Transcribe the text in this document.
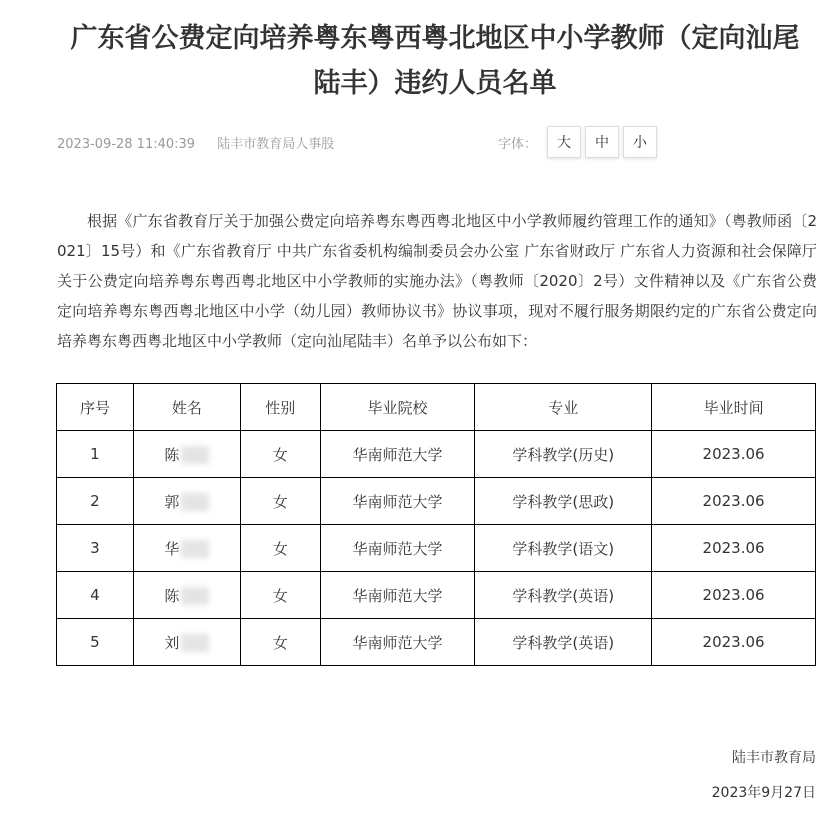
广东省公费定向培养粤东粤西粤北地区中小学教师（定向汕尾
陆丰）违约人员名单
2023-09-28 11:40:39 陆丰市教育局人事股	字体：	大	中	小

根据《广东省教育厅关于加强公费定向培养粤东粤西粤北地区中小学教师履约管理工作的通知》（粤教师函〔2021〕15号）和《广东省教育厅 中共广东省委机构编制委员会办公室 广东省财政厅 广东省人力资源和社会保障厅关于公费定向培养粤东粤西粤北地区中小学教师的实施办法》（粤教师〔2020〕2号）文件精神以及《广东省公费定向培养粤东粤西粤北地区中小学（幼儿园）教师协议书》协议事项，现对不履行服务期限约定的广东省公费定向培养粤东粤西粤北地区中小学教师（定向汕尾陆丰）名单予以公布如下：

序号	姓名	性别	毕业院校	专业	毕业时间
1	陈	女	华南师范大学	学科教学(历史)	2023.06
2	郭	女	华南师范大学	学科教学(思政)	2023.06
3	华	女	华南师范大学	学科教学(语文)	2023.06
4	陈	女	华南师范大学	学科教学(英语)	2023.06
5	刘	女	华南师范大学	学科教学(英语)	2023.06
陆丰市教育局
2023年9月27日
